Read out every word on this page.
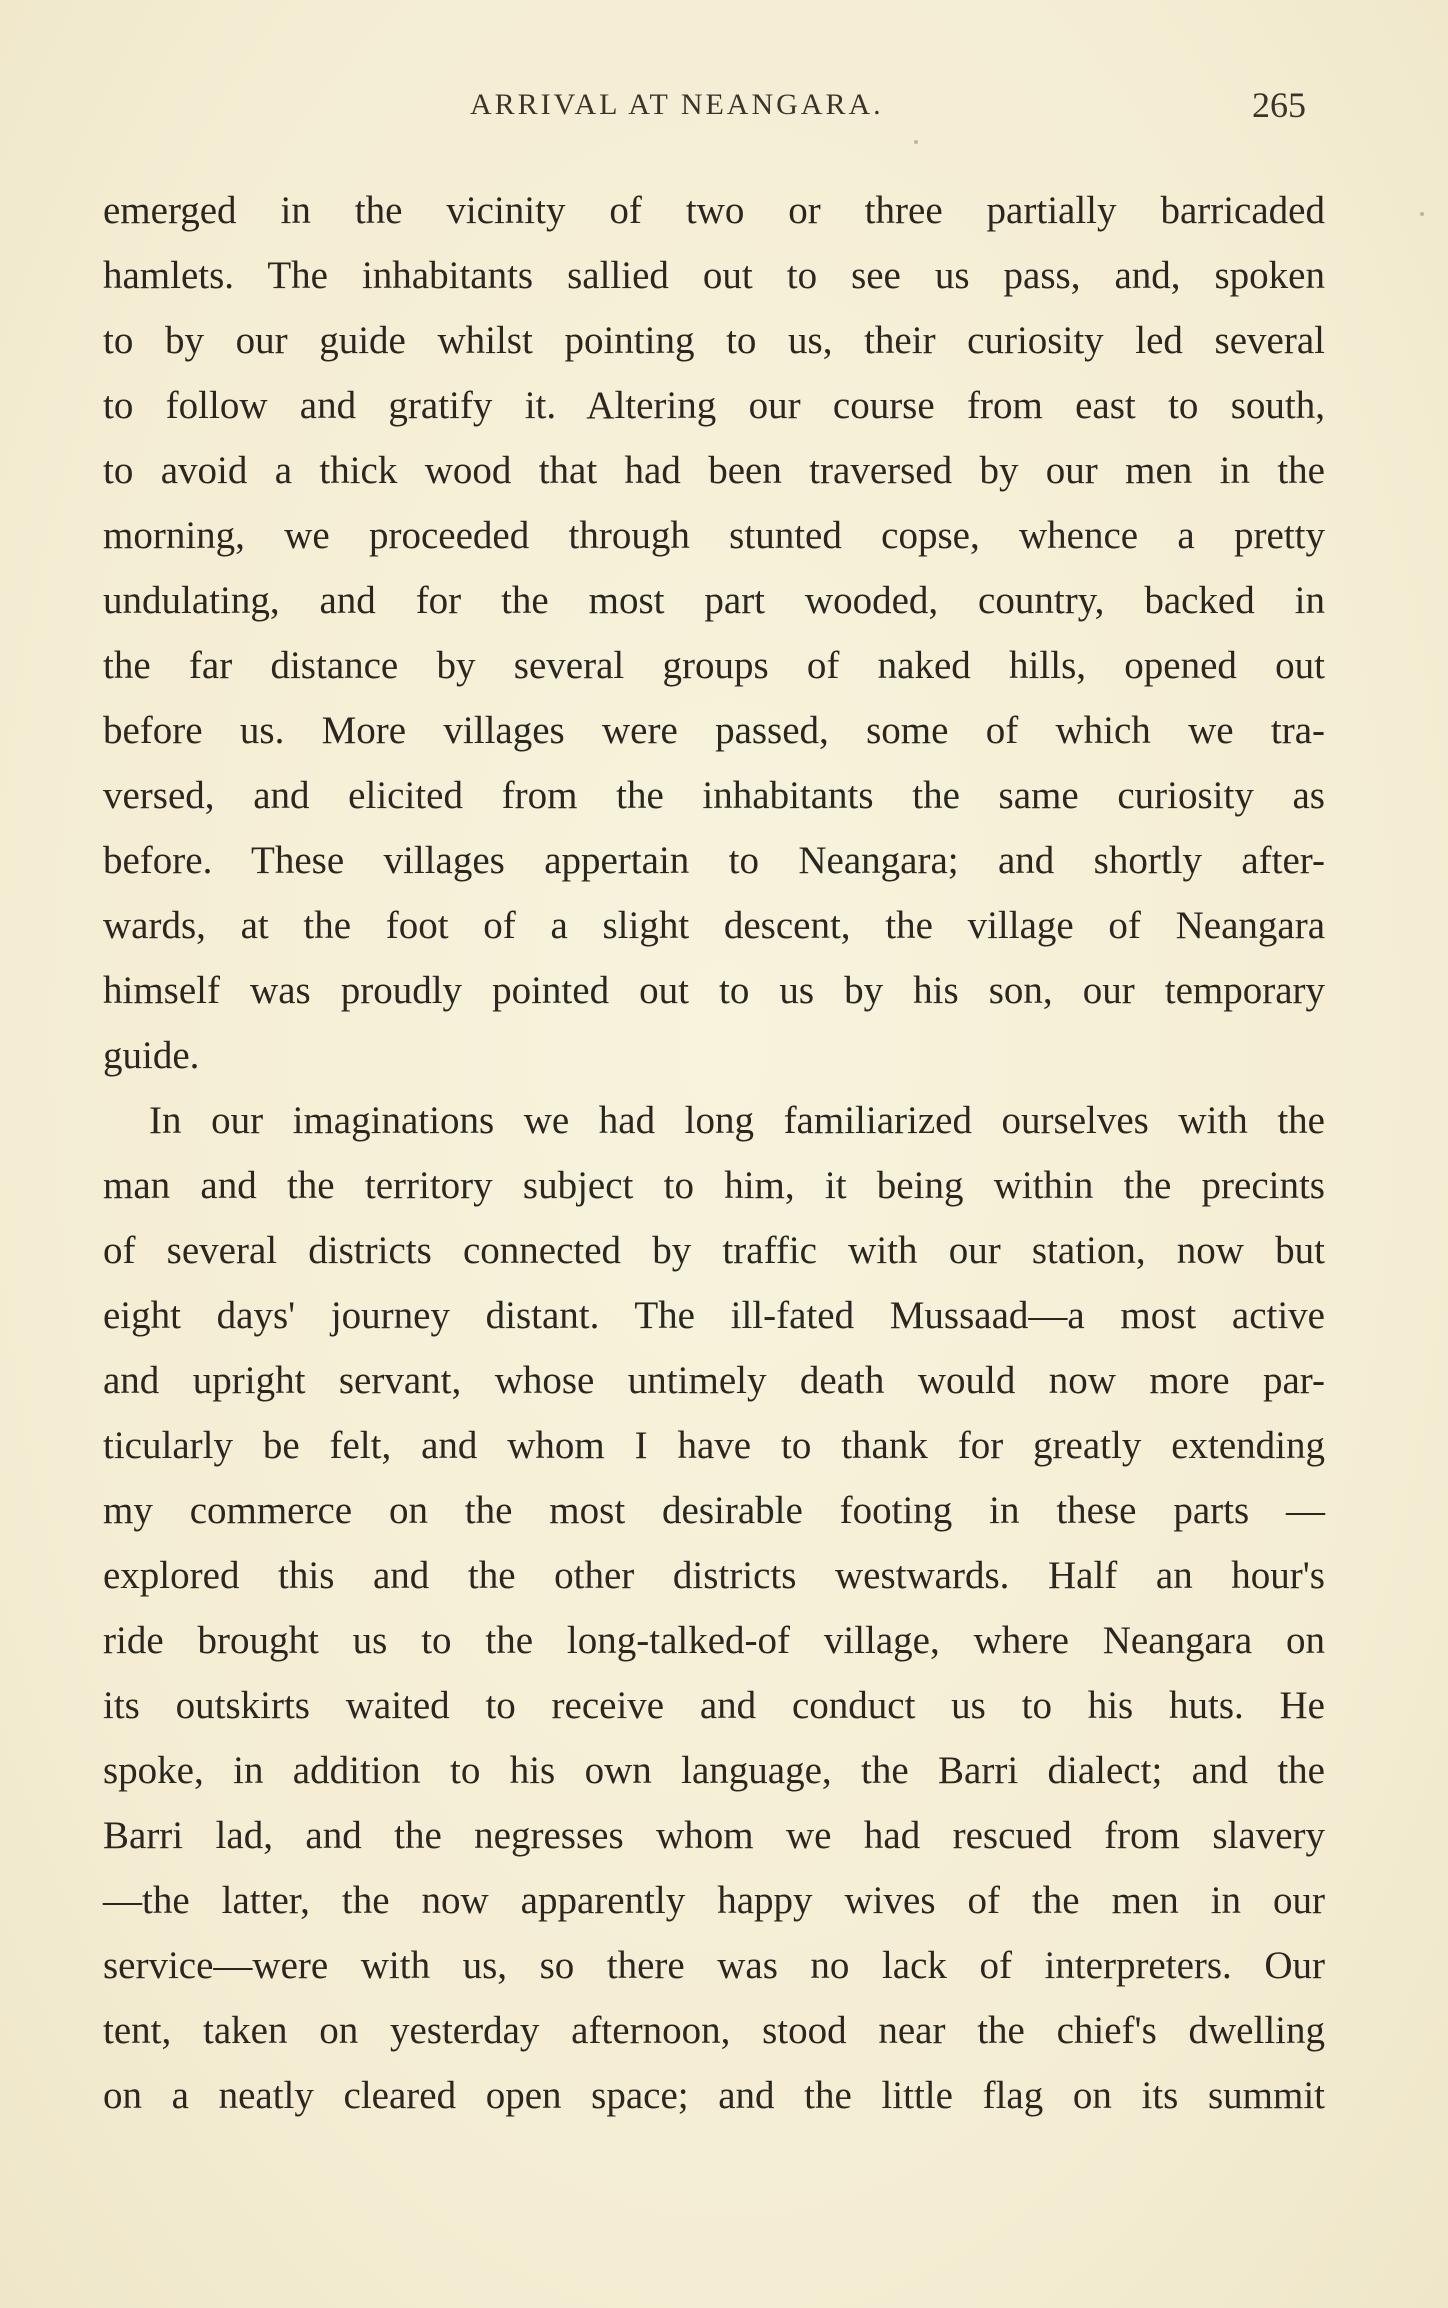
ARRIVAL AT NEANGARA.	265
emerged in the vicinity of two or three partially barricaded
hamlets. The inhabitants sallied out to see us pass, and, spoken
to by our guide whilst pointing to us, their curiosity led several
to follow and gratify it. Altering our course from east to south,
to avoid a thick wood that had been traversed by our men in the
morning, we proceeded through stunted copse, whence a pretty
undulating, and for the most part wooded, country, backed in
the far distance by several groups of naked hills, opened out
before us. More villages were passed, some of which we tra-
versed, and elicited from the inhabitants the same curiosity as
before. These villages appertain to Neangara; and shortly after-
wards, at the foot of a slight descent, the village of Neangara
himself was proudly pointed out to us by his son, our temporary
guide.
In our imaginations we had long familiarized ourselves with the
man and the territory subject to him, it being within the precints
of several districts connected by traffic with our station, now but
eight days' journey distant. The ill-fated Mussaad—a most active
and upright servant, whose untimely death would now more par-
ticularly be felt, and whom I have to thank for greatly extending
my commerce on the most desirable footing in these parts —
explored this and the other districts westwards. Half an hour's
ride brought us to the long-talked-of village, where Neangara on
its outskirts waited to receive and conduct us to his huts. He
spoke, in addition to his own language, the Barri dialect; and the
Barri lad, and the negresses whom we had rescued from slavery
—the latter, the now apparently happy wives of the men in our
service—were with us, so there was no lack of interpreters. Our
tent, taken on yesterday afternoon, stood near the chief's dwelling
on a neatly cleared open space; and the little flag on its summit
